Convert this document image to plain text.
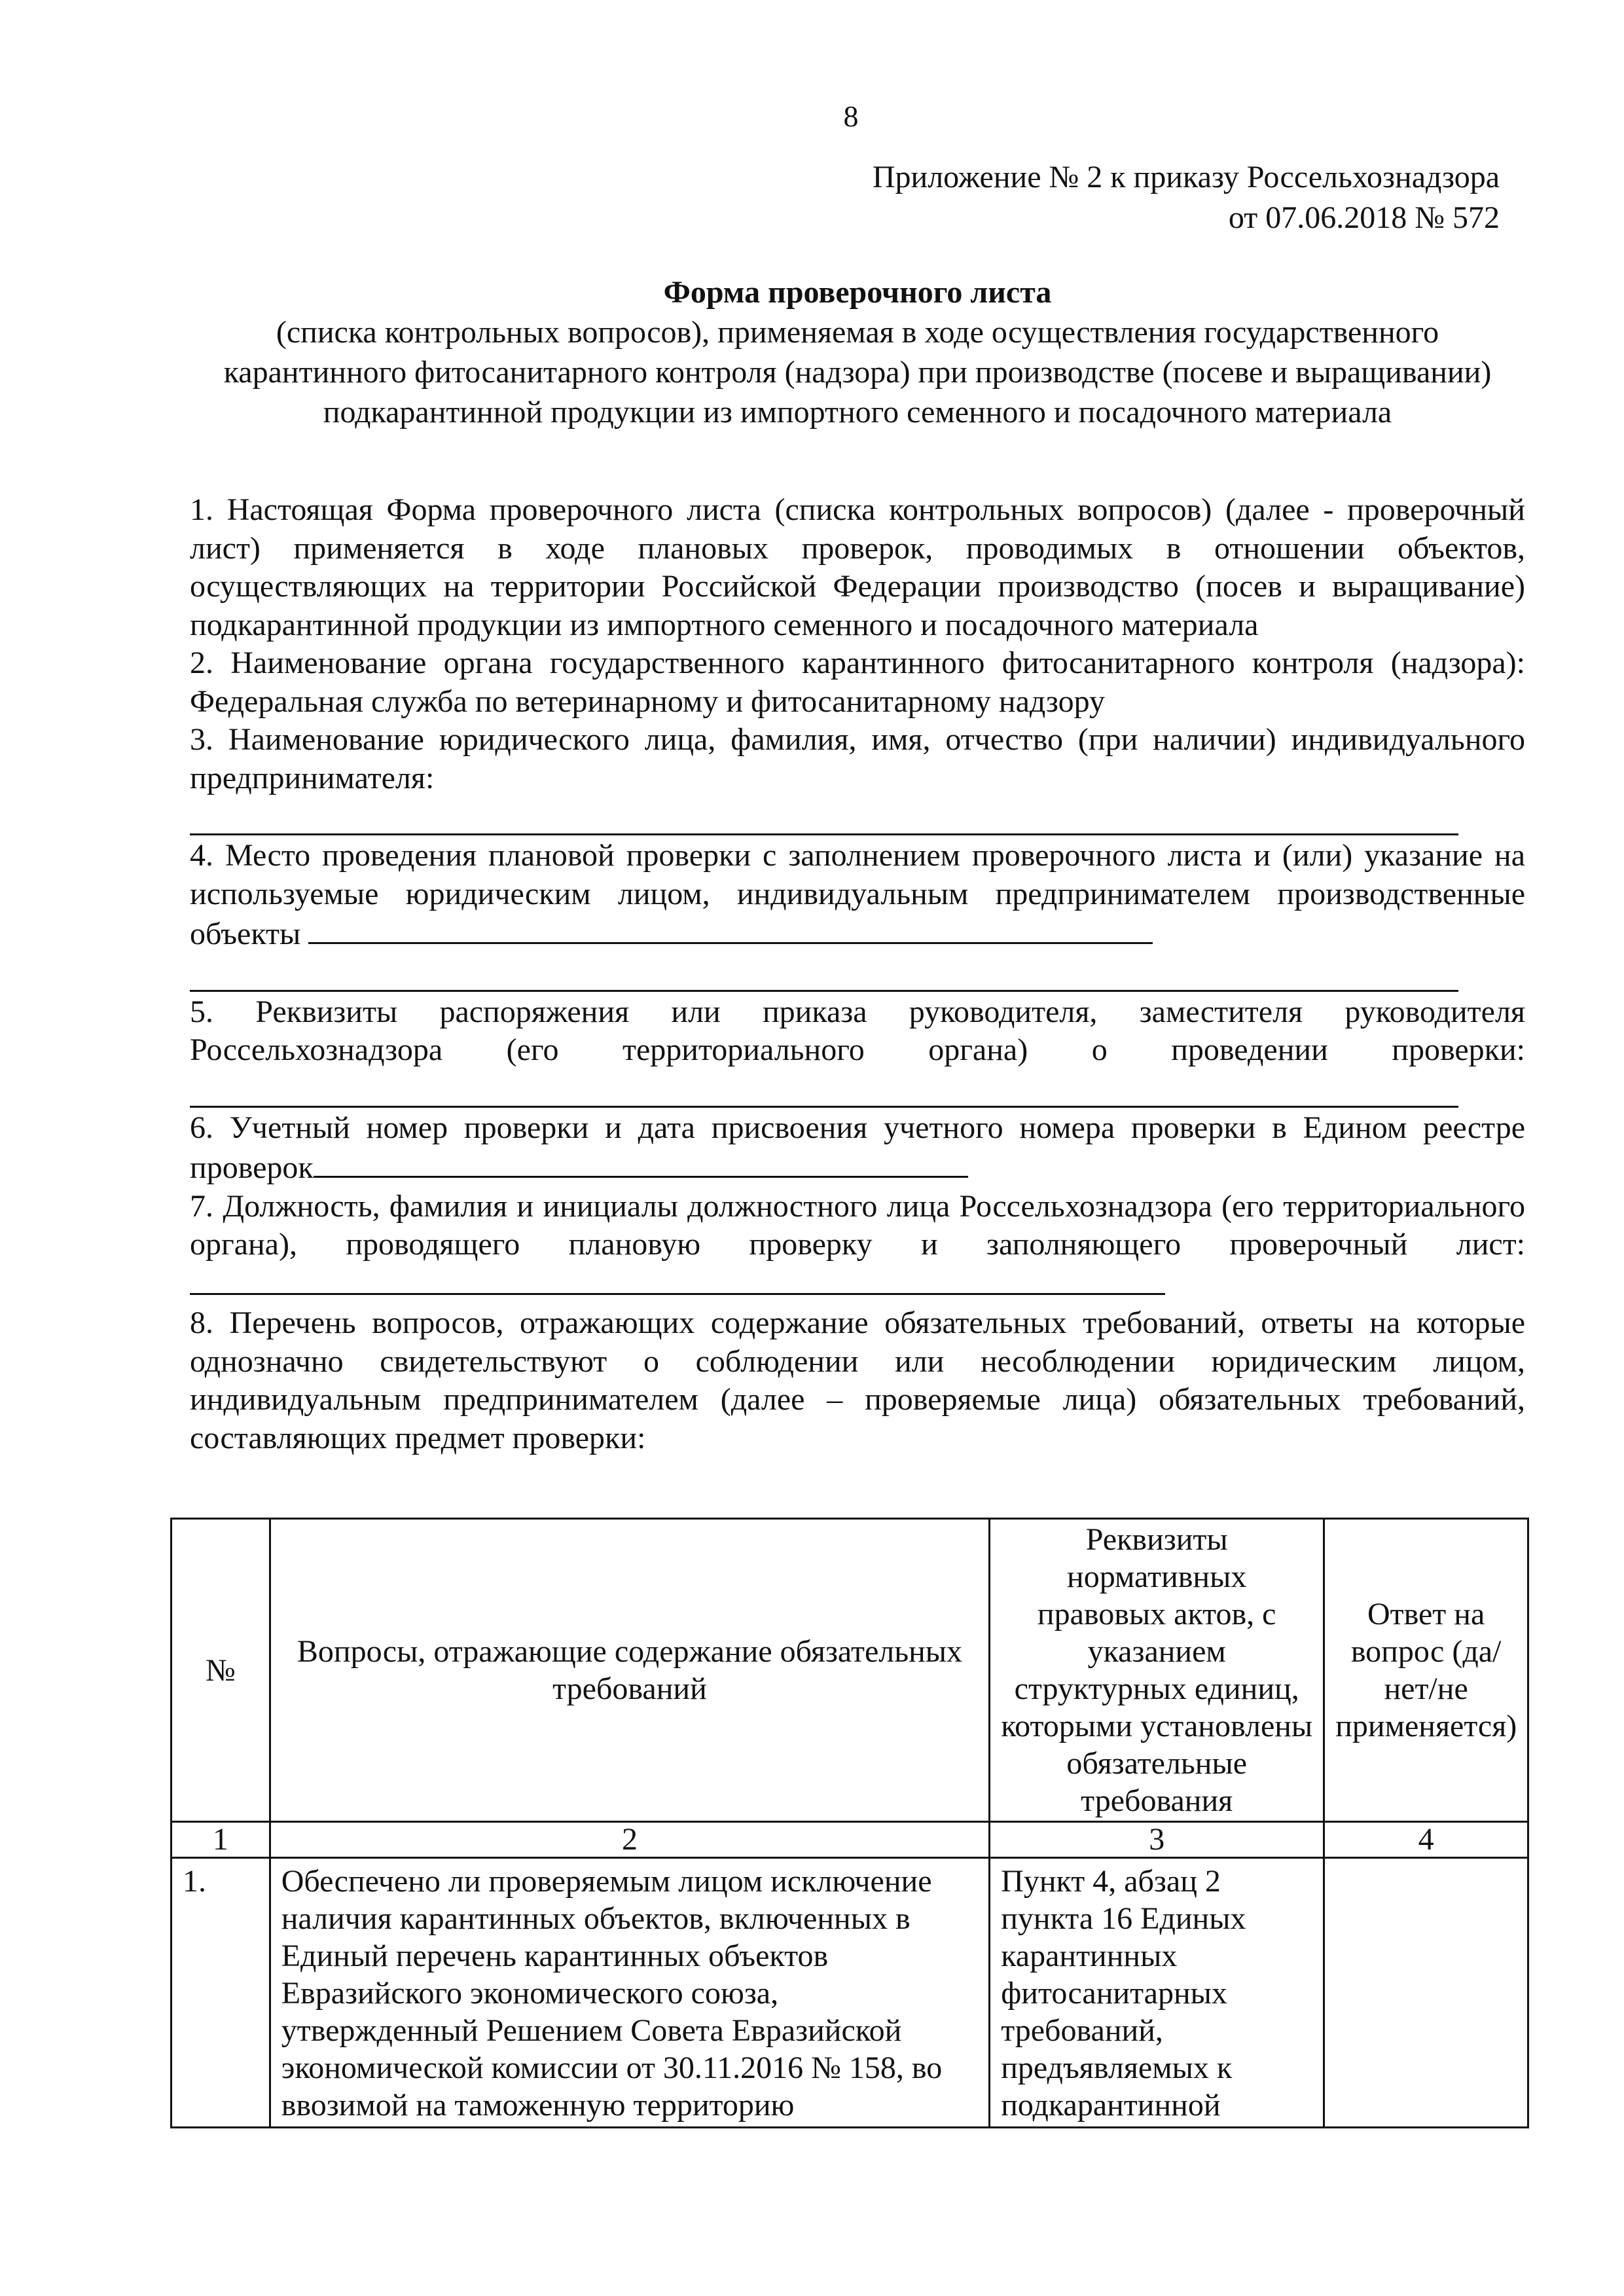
8
Приложение № 2 к приказу Россельхознадзора
от 07.06.2018 № 572
Форма проверочного листа
(списка контрольных вопросов), применяемая в ходе осуществления государственного карантинного фитосанитарного контроля (надзора) при производстве (посеве и выращивании) подкарантинной продукции из импортного семенного и посадочного материала
1. Настоящая Форма проверочного листа (списка контрольных вопросов) (далее - проверочный лист) применяется в ходе плановых проверок, проводимых в отношении объектов, осуществляющих на территории Российской Федерации производство (посев и выращивание) подкарантинной продукции из импортного семенного и посадочного материала
2. Наименование органа государственного карантинного фитосанитарного контроля (надзора): Федеральная служба по ветеринарному и фитосанитарному надзору
3. Наименование юридического лица, фамилия, имя, отчество (при наличии) индивидуального предпринимателя:
4. Место проведения плановой проверки с заполнением проверочного листа и (или) указание на используемые юридическим лицом, индивидуальным предпринимателем производственные объекты
5. Реквизиты распоряжения или приказа руководителя, заместителя руководителя Россельхознадзора (его территориального органа) о проведении проверки:
6. Учетный номер проверки и дата присвоения учетного номера проверки в Едином реестре проверок
7. Должность, фамилия и инициалы должностного лица Россельхознадзора (его территориального органа), проводящего плановую проверку и заполняющего проверочный лист:
8. Перечень вопросов, отражающих содержание обязательных требований, ответы на которые однозначно свидетельствуют о соблюдении или несоблюдении юридическим лицом, индивидуальным предпринимателем (далее – проверяемые лица) обязательных требований, составляющих предмет проверки:
№	Вопросы, отражающие содержание обязательных требований	Реквизиты нормативных правовых актов, с указанием структурных единиц, которыми установлены обязательные требования	Ответ на вопрос (да/нет/не применяется)
1	2	3	4
1.	Обеспечено ли проверяемым лицом исключение наличия карантинных объектов, включенных в Единый перечень карантинных объектов Евразийского экономического союза, утвержденный Решением Совета Евразийской экономической комиссии от 30.11.2016 № 158, во ввозимой на таможенную территорию	Пункт 4, абзац 2 пункта 16 Единых карантинных фитосанитарных требований, предъявляемых к подкарантинной	
